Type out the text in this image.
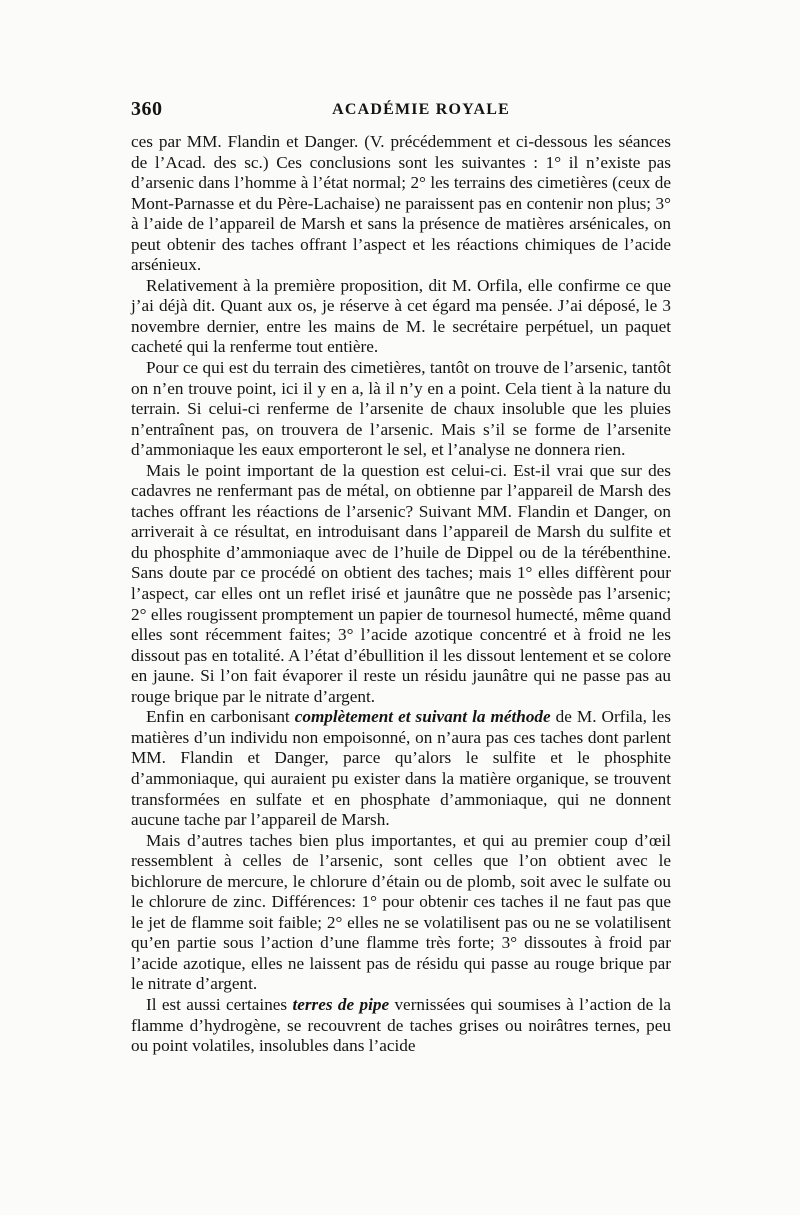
360	ACADÉMIE ROYALE

ces par MM. Flandin et Danger. (V. précédemment et ci-dessous les séances de l’Acad. des sc.) Ces conclusions sont les suivantes : 1° il n’existe pas d’arsenic dans l’homme à l’état normal; 2° les terrains des cimetières (ceux de Mont-Parnasse et du Père-Lachaise) ne paraissent pas en contenir non plus; 3° à l’aide de l’appareil de Marsh et sans la présence de matières arsénicales, on peut obtenir des taches offrant l’aspect et les réactions chimiques de l’acide arsénieux.

Relativement à la première proposition, dit M. Orfila, elle confirme ce que j’ai déjà dit. Quant aux os, je réserve à cet égard ma pensée. J’ai déposé, le 3 novembre dernier, entre les mains de M. le secrétaire perpétuel, un paquet cacheté qui la renferme tout entière.

Pour ce qui est du terrain des cimetières, tantôt on trouve de l’arsenic, tantôt on n’en trouve point, ici il y en a, là il n’y en a point. Cela tient à la nature du terrain. Si celui-ci renferme de l’arsenite de chaux insoluble que les pluies n’entraînent pas, on trouvera de l’arsenic. Mais s’il se forme de l’arsenite d’ammoniaque les eaux emporteront le sel, et l’analyse ne donnera rien.

Mais le point important de la question est celui-ci. Est-il vrai que sur des cadavres ne renfermant pas de métal, on obtienne par l’appareil de Marsh des taches offrant les réactions de l’arsenic? Suivant MM. Flandin et Danger, on arriverait à ce résultat, en introduisant dans l’appareil de Marsh du sulfite et du phosphite d’ammoniaque avec de l’huile de Dippel ou de la térébenthine. Sans doute par ce procédé on obtient des taches; mais 1° elles diffèrent pour l’aspect, car elles ont un reflet irisé et jaunâtre que ne possède pas l’arsenic; 2° elles rougissent promptement un papier de tournesol humecté, même quand elles sont récemment faites; 3° l’acide azotique concentré et à froid ne les dissout pas en totalité. A l’état d’ébullition il les dissout lentement et se colore en jaune. Si l’on fait évaporer il reste un résidu jaunâtre qui ne passe pas au rouge brique par le nitrate d’argent.

Enfin en carbonisant complètement et suivant la méthode de M. Orfila, les matières d’un individu non empoisonné, on n’aura pas ces taches dont parlent MM. Flandin et Danger, parce qu’alors le sulfite et le phosphite d’ammoniaque, qui auraient pu exister dans la matière organique, se trouvent transformées en sulfate et en phosphate d’ammoniaque, qui ne donnent aucune tache par l’appareil de Marsh.

Mais d’autres taches bien plus importantes, et qui au premier coup d’œil ressemblent à celles de l’arsenic, sont celles que l’on obtient avec le bichlorure de mercure, le chlorure d’étain ou de plomb, soit avec le sulfate ou le chlorure de zinc. Différences: 1° pour obtenir ces taches il ne faut pas que le jet de flamme soit faible; 2° elles ne se volatilisent pas ou ne se volatilisent qu’en partie sous l’action d’une flamme très forte; 3° dissoutes à froid par l’acide azotique, elles ne laissent pas de résidu qui passe au rouge brique par le nitrate d’argent.

Il est aussi certaines terres de pipe vernissées qui soumises à l’action de la flamme d’hydrogène, se recouvrent de taches grises ou noirâtres ternes, peu ou point volatiles, insolubles dans l’acide
